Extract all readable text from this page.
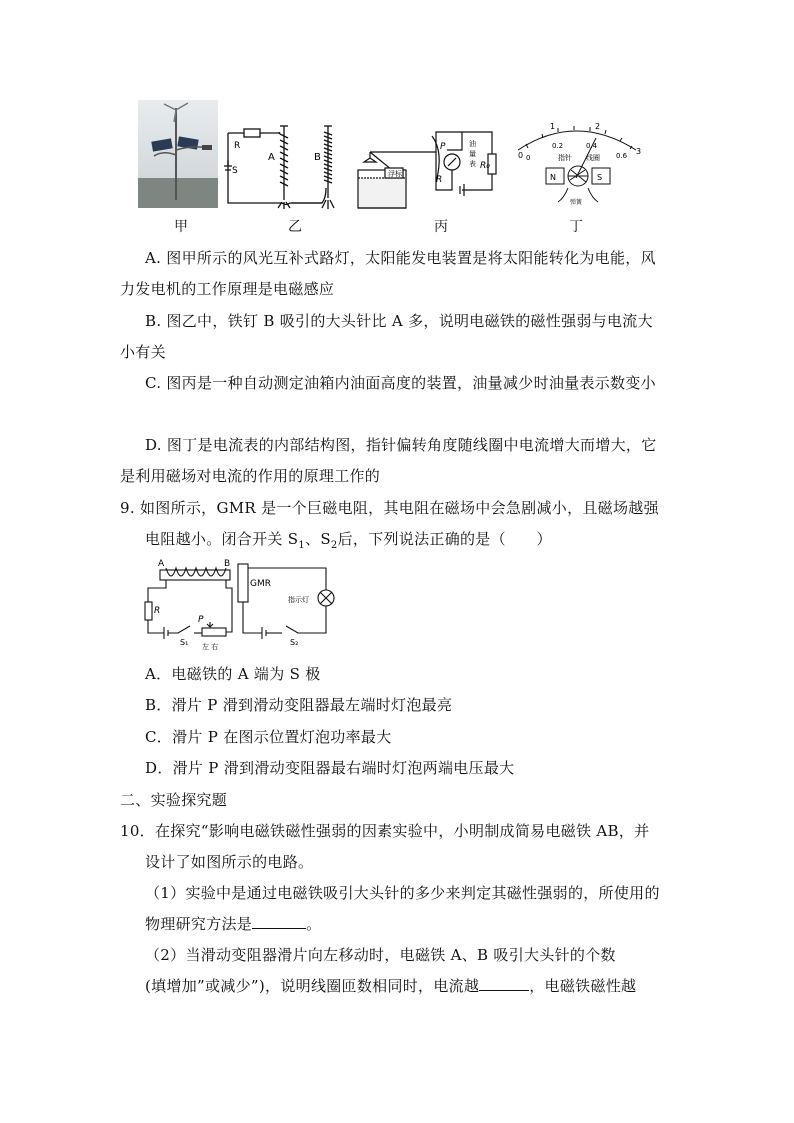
R
S
A	B
P
R
浮标
油
量
表 R₀
0
1	2
3
0
0.2	0.4
0.6
指针 线圈
N	S
弹簧
甲	乙	丙	丁
A. 图甲所示的风光互补式路灯，太阳能发电装置是将太阳能转化为电能，风
力发电机的工作原理是电磁感应
B. 图乙中，铁钉 B 吸引的大头针比 A 多，说明电磁铁的磁性强弱与电流大
小有关
C. 图丙是一种自动测定油箱内油面高度的装置，油量减少时油量表示数变小
D. 图丁是电流表的内部结构图，指针偏转角度随线圈中电流增大而增大，它
是利用磁场对电流的作用的原理工作的
9. 如图所示，GMR 是一个巨磁电阻，其电阻在磁场中会急剧减小，且磁场越强
电阻越小。闭合开关 $S_1$、$S_2$后，下列说法正确的是（　　）
A	B
R
P
S₁ 左 右
GMR
指示灯
S₂
A．电磁铁的 A 端为 S 极
B．滑片 P 滑到滑动变阻器最左端时灯泡最亮
C．滑片 P 在图示位置灯泡功率最大
D．滑片 P 滑到滑动变阻器最右端时灯泡两端电压最大
二、实验探究题
10．在探究“影响电磁铁磁性强弱的因素实验中，小明制成简易电磁铁 AB，并
设计了如图所示的电路。
（1）实验中是通过电磁铁吸引大头针的多少来判定其磁性强弱的，所使用的
物理研究方法是	。
（2）当滑动变阻器滑片向左移动时，电磁铁 A、B 吸引大头针的个数
(填增加”或减少”)，说明线圈匝数相同时，电流越	，电磁铁磁性越
